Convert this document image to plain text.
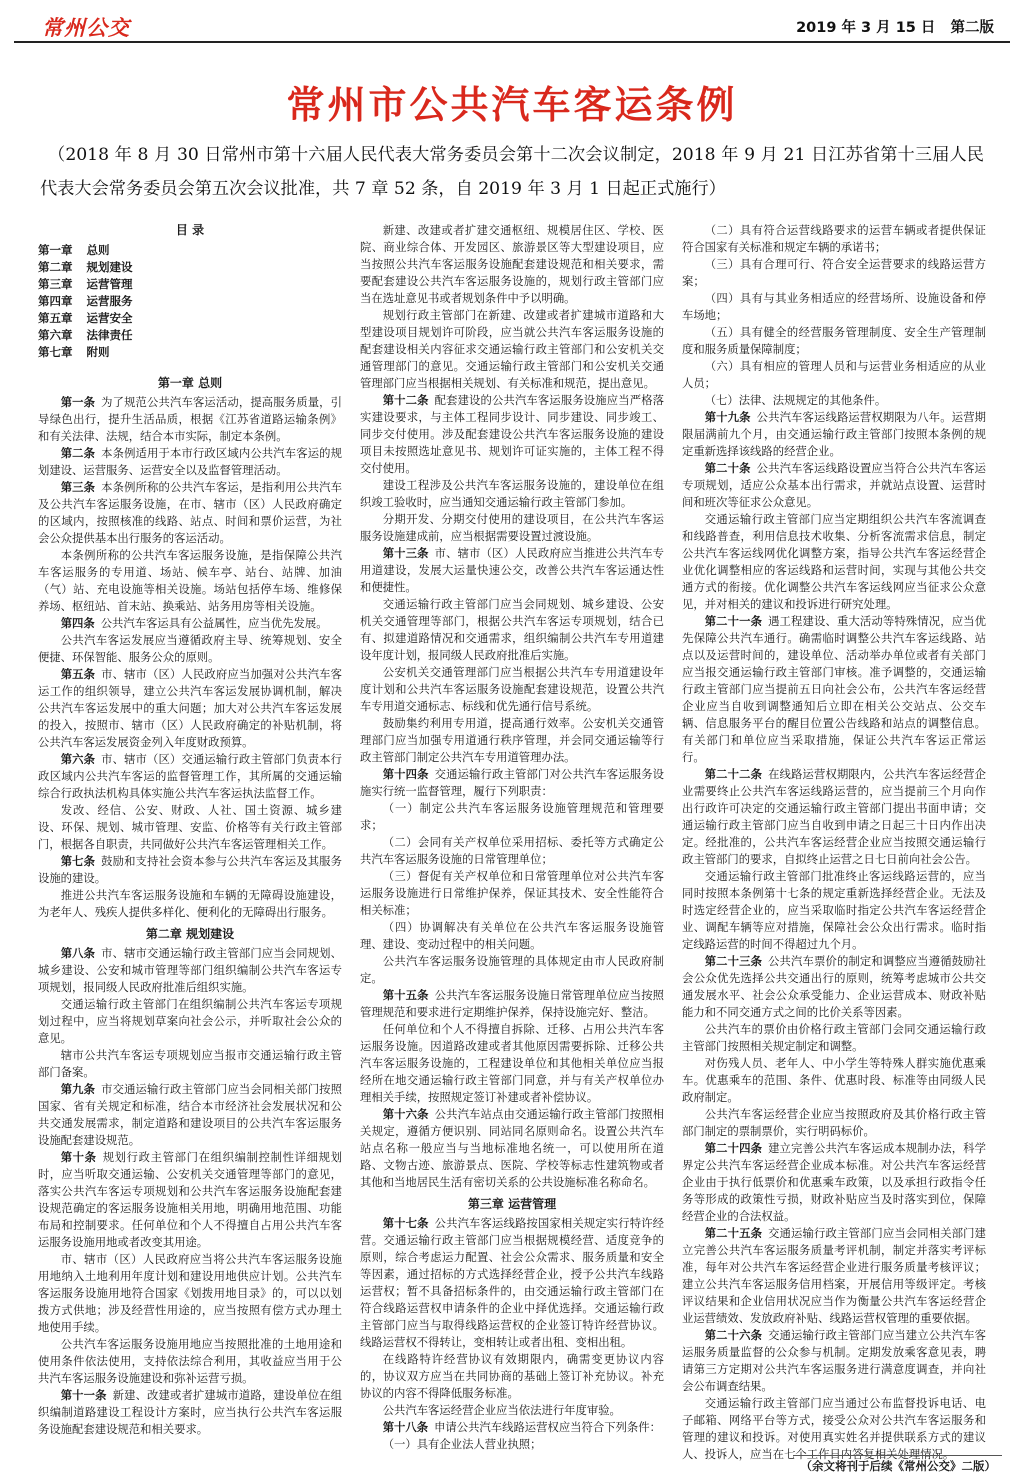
常州公交	2019 年 3 月 15 日 第二版
常州市公共汽车客运条例

（2018 年 8 月 30 日常州市第十六届人民代表大常务委员会第十二次会议制定，2018 年 9 月 21 日江苏省第十三届人民代表大会常务委员会第五次会议批准，共 7 章 52 条，自 2019 年 3 月 1 日起正式施行）

目 录

第一章 总则

第二章 规划建设

第三章 运营管理

第四章 运营服务

第五章 运营安全

第六章 法律责任

第七章 附则

第一章 总则

第一条 为了规范公共汽车客运活动，提高服务质量，引导绿色出行，提升生活品质，根据《江苏省道路运输条例》和有关法律、法规，结合本市实际，制定本条例。

第二条 本条例适用于本市行政区域内公共汽车客运的规划建设、运营服务、运营安全以及监督管理活动。

第三条 本条例所称的公共汽车客运，是指利用公共汽车及公共汽车客运服务设施，在市、辖市（区）人民政府确定的区域内，按照核准的线路、站点、时间和票价运营，为社会公众提供基本出行服务的客运活动。

本条例所称的公共汽车客运服务设施，是指保障公共汽车客运服务的专用道、场站、候车亭、站台、站牌、加油（气）站、充电设施等相关设施。场站包括停车场、维修保养场、枢纽站、首末站、换乘站、站务用房等相关设施。

第四条 公共汽车客运具有公益属性，应当优先发展。

公共汽车客运发展应当遵循政府主导、统筹规划、安全便捷、环保智能、服务公众的原则。

第五条 市、辖市（区）人民政府应当加强对公共汽车客运工作的组织领导，建立公共汽车客运发展协调机制，解决公共汽车客运发展中的重大问题；加大对公共汽车客运发展的投入，按照市、辖市（区）人民政府确定的补贴机制，将公共汽车客运发展资金列入年度财政预算。

第六条 市、辖市（区）交通运输行政主管部门负责本行政区域内公共汽车客运的监督管理工作，其所属的交通运输综合行政执法机构具体实施公共汽车客运执法监督工作。

发改、经信、公安、财政、人社、国土资源、城乡建设、环保、规划、城市管理、安监、价格等有关行政主管部门，根据各自职责，共同做好公共汽车客运管理相关工作。

第七条 鼓励和支持社会资本参与公共汽车客运及其服务设施的建设。

推进公共汽车客运服务设施和车辆的无障碍设施建设，为老年人、残疾人提供多样化、便利化的无障碍出行服务。

第二章 规划建设

第八条 市、辖市交通运输行政主管部门应当会同规划、城乡建设、公安和城市管理等部门组织编制公共汽车客运专项规划，报同级人民政府批准后组织实施。

交通运输行政主管部门在组织编制公共汽车客运专项规划过程中，应当将规划草案向社会公示，并听取社会公众的意见。

辖市公共汽车客运专项规划应当报市交通运输行政主管部门备案。

第九条 市交通运输行政主管部门应当会同相关部门按照国家、省有关规定和标准，结合本市经济社会发展状况和公共交通发展需求，制定道路和建设项目的公共汽车客运服务设施配套建设规范。

第十条 规划行政主管部门在组织编制控制性详细规划时，应当听取交通运输、公安机关交通管理等部门的意见，落实公共汽车客运专项规划和公共汽车客运服务设施配套建设规范确定的客运服务设施相关用地，明确用地范围、功能布局和控制要求。任何单位和个人不得擅自占用公共汽车客运服务设施用地或者改变其用途。

市、辖市（区）人民政府应当将公共汽车客运服务设施用地纳入土地利用年度计划和建设用地供应计划。公共汽车客运服务设施用地符合国家《划拨用地目录》的，可以以划拨方式供地；涉及经营性用途的，应当按照有偿方式办理土地使用手续。

公共汽车客运服务设施用地应当按照批准的土地用途和使用条件依法使用，支持依法综合利用，其收益应当用于公共汽车客运服务设施建设和弥补运营亏损。

第十一条 新建、改建或者扩建城市道路，建设单位在组织编制道路建设工程设计方案时，应当执行公共汽车客运服务设施配套建设规范和相关要求。

新建、改建或者扩建交通枢纽、规模居住区、学校、医院、商业综合体、开发园区、旅游景区等大型建设项目，应当按照公共汽车客运服务设施配套建设规范和相关要求，需要配套建设公共汽车客运服务设施的，规划行政主管部门应当在选址意见书或者规划条件中予以明确。

规划行政主管部门在新建、改建或者扩建城市道路和大型建设项目规划许可阶段，应当就公共汽车客运服务设施的配套建设相关内容征求交通运输行政主管部门和公安机关交通管理部门的意见。交通运输行政主管部门和公安机关交通管理部门应当根据相关规划、有关标准和规范，提出意见。

第十二条 配套建设的公共汽车客运服务设施应当严格落实建设要求，与主体工程同步设计、同步建设、同步竣工、同步交付使用。涉及配套建设公共汽车客运服务设施的建设项目未按照选址意见书、规划许可证实施的，主体工程不得交付使用。

建设工程涉及公共汽车客运服务设施的，建设单位在组织竣工验收时，应当通知交通运输行政主管部门参加。

分期开发、分期交付使用的建设项目，在公共汽车客运服务设施建成前，应当根据需要设置过渡设施。

第十三条 市、辖市（区）人民政府应当推进公共汽车专用道建设，发展大运量快速公交，改善公共汽车客运通达性和便捷性。

交通运输行政主管部门应当会同规划、城乡建设、公安机关交通管理等部门，根据公共汽车客运专项规划，结合已有、拟建道路情况和交通需求，组织编制公共汽车专用道建设年度计划，报同级人民政府批准后实施。

公安机关交通管理部门应当根据公共汽车专用道建设年度计划和公共汽车客运服务设施配套建设规范，设置公共汽车专用道交通标志、标线和优先通行信号系统。

鼓励集约利用专用道，提高通行效率。公安机关交通管理部门应当加强专用道通行秩序管理，并会同交通运输等行政主管部门制定公共汽车专用道管理办法。

第十四条 交通运输行政主管部门对公共汽车客运服务设施实行统一监督管理，履行下列职责：

（一）制定公共汽车客运服务设施管理规范和管理要求；

（二）会同有关产权单位采用招标、委托等方式确定公共汽车客运服务设施的日常管理单位；

（三）督促有关产权单位和日常管理单位对公共汽车客运服务设施进行日常维护保养，保证其技术、安全性能符合相关标准；

（四）协调解决有关单位在公共汽车客运服务设施管理、建设、变动过程中的相关问题。

公共汽车客运服务设施管理的具体规定由市人民政府制定。

第十五条 公共汽车客运服务设施日常管理单位应当按照管理规范和要求进行定期维护保养，保持设施完好、整洁。

任何单位和个人不得擅自拆除、迁移、占用公共汽车客运服务设施。因道路改建或者其他原因需要拆除、迁移公共汽车客运服务设施的，工程建设单位和其他相关单位应当报经所在地交通运输行政主管部门同意，并与有关产权单位办理相关手续，按照规定签订补建或者补偿协议。

第十六条 公共汽车站点由交通运输行政主管部门按照相关规定，遵循方便识别、同站同名原则命名。设置公共汽车站点名称一般应当与当地标准地名统一，可以使用所在道路、文物古迹、旅游景点、医院、学校等标志性建筑物或者其他和当地居民生活有密切关系的公共设施标准名称命名。

第三章 运营管理

第十七条 公共汽车客运线路按国家相关规定实行特许经营。交通运输行政主管部门应当根据规模经营、适度竞争的原则，综合考虑运力配置、社会公众需求、服务质量和安全等因素，通过招标的方式选择经营企业，授予公共汽车线路运营权；暂不具备招标条件的，由交通运输行政主管部门在符合线路运营权申请条件的企业中择优选择。交通运输行政主管部门应当与取得线路运营权的企业签订特许经营协议。线路运营权不得转让，变相转让或者出租、变相出租。

在线路特许经营协议有效期限内，确需变更协议内容的，协议双方应当在共同协商的基础上签订补充协议。补充协议的内容不得降低服务标准。

公共汽车客运经营企业应当依法进行年度审验。

第十八条 申请公共汽车线路运营权应当符合下列条件：

（一）具有企业法人营业执照；

（二）具有符合运营线路要求的运营车辆或者提供保证符合国家有关标准和规定车辆的承诺书；

（三）具有合理可行、符合安全运营要求的线路运营方案；

（四）具有与其业务相适应的经营场所、设施设备和停车场地；

（五）具有健全的经营服务管理制度、安全生产管理制度和服务质量保障制度；

（六）具有相应的管理人员和与运营业务相适应的从业人员；

（七）法律、法规规定的其他条件。

第十九条 公共汽车客运线路运营权期限为八年。运营期限届满前九个月，由交通运输行政主管部门按照本条例的规定重新选择该线路的经营企业。

第二十条 公共汽车客运线路设置应当符合公共汽车客运专项规划，适应公众基本出行需求，并就站点设置、运营时间和班次等征求公众意见。

交通运输行政主管部门应当定期组织公共汽车客流调查和线路普查，利用信息技术收集、分析客流需求信息，制定公共汽车客运线网优化调整方案，指导公共汽车客运经营企业优化调整相应的客运线路和运营时间，实现与其他公共交通方式的衔接。优化调整公共汽车客运线网应当征求公众意见，并对相关的建议和投诉进行研究处理。

第二十一条 遇工程建设、重大活动等特殊情况，应当优先保障公共汽车通行。确需临时调整公共汽车客运线路、站点以及运营时间的，建设单位、活动举办单位或者有关部门应当报交通运输行政主管部门审核。准予调整的，交通运输行政主管部门应当提前五日向社会公布，公共汽车客运经营企业应当自收到调整通知后立即在相关公交站点、公交车辆、信息服务平台的醒目位置公告线路和站点的调整信息。有关部门和单位应当采取措施，保证公共汽车客运正常运行。

第二十二条 在线路运营权期限内，公共汽车客运经营企业需要终止公共汽车客运线路运营的，应当提前三个月向作出行政许可决定的交通运输行政主管部门提出书面申请；交通运输行政主管部门应当自收到申请之日起三十日内作出决定。经批准的，公共汽车客运经营企业应当按照交通运输行政主管部门的要求，自拟终止运营之日七日前向社会公告。

交通运输行政主管部门批准终止客运线路运营的，应当同时按照本条例第十七条的规定重新选择经营企业。无法及时选定经营企业的，应当采取临时指定公共汽车客运经营企业、调配车辆等应对措施，保障社会公众出行需求。临时指定线路运营的时间不得超过九个月。

第二十三条 公共汽车票价的制定和调整应当遵循鼓励社会公众优先选择公共交通出行的原则，统筹考虑城市公共交通发展水平、社会公众承受能力、企业运营成本、财政补贴能力和不同交通方式之间的比价关系等因素。

公共汽车的票价由价格行政主管部门会同交通运输行政主管部门按照相关规定制定和调整。

对伤残人员、老年人、中小学生等特殊人群实施优惠乘车。优惠乘车的范围、条件、优惠时段、标准等由同级人民政府制定。

公共汽车客运经营企业应当按照政府及其价格行政主管部门制定的票制票价，实行明码标价。

第二十四条 建立完善公共汽车客运成本规制办法，科学界定公共汽车客运经营企业成本标准。对公共汽车客运经营企业由于执行低票价和优惠乘车政策，以及承担行政指令任务等形成的政策性亏损，财政补贴应当及时落实到位，保障经营企业的合法权益。

第二十五条 交通运输行政主管部门应当会同相关部门建立完善公共汽车客运服务质量考评机制，制定并落实考评标准，每年对公共汽车客运经营企业进行服务质量考核评议；建立公共汽车客运服务信用档案，开展信用等级评定。考核评议结果和企业信用状况应当作为衡量公共汽车客运经营企业运营绩效、发放政府补贴、线路运营权管理的重要依据。

第二十六条 交通运输行政主管部门应当建立公共汽车客运服务质量监督的公众参与机制。定期发放乘客意见表，聘请第三方定期对公共汽车客运服务进行满意度调查，并向社会公布调查结果。

交通运输行政主管部门应当通过公布监督投诉电话、电子邮箱、网络平台等方式，接受公众对公共汽车客运服务和管理的建议和投诉。对使用真实姓名并提供联系方式的建议人、投诉人，应当在七个工作日内答复相关处理情况。

（余文将刊于后续《常州公交》二版）
